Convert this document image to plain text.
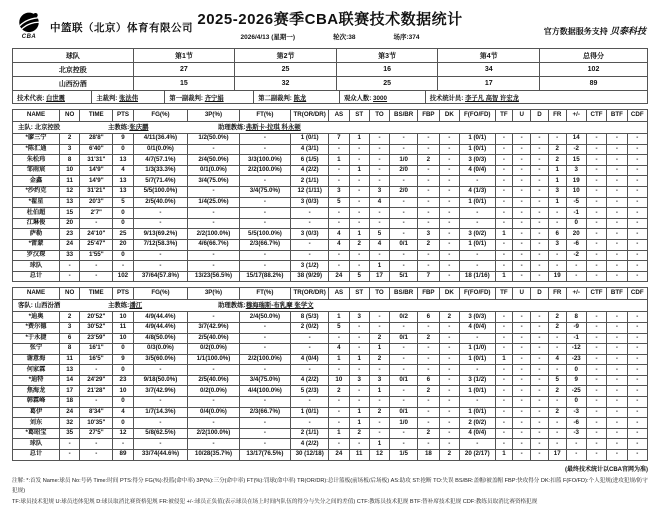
CBA
中篮联（北京）体育有限公司 2025-2026赛季CBA联赛技术数据统计
2026/4/13 (星期一)	轮次:38	场序:374
官方数据服务支持 贝泰科技
球队	第1节	第2节	第3节	第4节	总得分
北京控股	27	25	16	34	102
山西汾酒	15	32	25	17	89
技术代表: 白世震	主裁判: 张法伟	第一副裁判: 齐宁娟	第二副裁判: 陈龙	观众人数: 3000	技术统计员: 李子凡 高智 许宏龙
主队: 北京控股 主教练:张庆鹏 助理教练:弗斯卡-拉琪 科永顿																						

NAME	NO	TIME	PTS	FG(%)	3P(%)	FT(%)	TR(OR/DR)	AS	ST	TO	BS/BR	FBP	DK	F(FO/FD)	TF	U	D	FR	+/-	CTF	BTF	CDF
*廖三宁	2	28'8"	9	4/11(36.4%)	1/2(50.0%)	-	1 (0/1)	7	1	-	-	-	-	1 (0/1)	-	-	-	-	14	-	-	-
*陈汇通	3	6'40"	0	0/1(0.0%)	-	-	4 (3/1)	-	-	-	-	-	-	1 (0/1)	-	-	-	2	-2	-	-	-
朱松玮	8	31'31"	13	4/7(57.1%)	2/4(50.0%)	3/3(100.0%)	6 (1/5)	1	-	-	1/0	2	-	3 (0/3)	-	-	-	2	15	-	-	-
邹雨宸	10	14'9"	4	1/3(33.3%)	0/1(0.0%)	2/2(100.0%)	4 (2/2)	-	1	-	2/0	-	-	4 (0/4)	-	-	-	1	3	-	-	-
金鑫	11	14'9"	13	5/7(71.4%)	3/4(75.0%)	-	2 (1/1)	-	-	-	-	-	-	-	-	-	-	1	19	-	-	-
*沙约克	12	31'21"	13	5/5(100.0%)	-	3/4(75.0%)	12 (1/11)	3	-	3	2/0	-	-	4 (1/3)	-	-	-	3	10	-	-	-
*翟星	13	20'3"	5	2/5(40.0%)	1/4(25.0%)	-	3 (0/3)	5	-	4	-	-	-	1 (0/1)	-	-	-	1	-5	-	-	-
杜伯超	15	2'7"	0	-	-	-	-	-	-	-	-	-	-	-	-	-	-	-	-1	-	-	-
江琳俊	20	-	0	-	-	-	-	-	-	-	-	-	-	-	-	-	-	-	0	-	-	-
萨勒	23	24'10"	25	9/13(69.2%)	2/2(100.0%)	5/5(100.0%)	3 (0/3)	4	1	5	-	3	-	3 (0/2)	1	-	-	6	20	-	-	-
*雷蒙	24	25'47"	20	7/12(58.3%)	4/6(66.7%)	2/3(66.7%)	-	4	2	4	0/1	2	-	1 (0/1)	-	-	-	3	-6	-	-	-
罗汉琛	33	1'55"	0	-	-	-	-	-	-	-	-	-	-	-	-	-	-	-	-2	-	-	-
球队	-	-	-	-	-	-	3 (1/2)	-	-	1	-	-	-	-	-	-	-	-	-	-	-	-
总计	-	-	102	37/64(57.8%)	13/23(56.5%)	15/17(88.2%)	38 (9/29)	24	5	17	5/1	7	-	18 (1/16)	1	-	-	19	-	-	-	-
客队: 山西汾酒 主教练:潘江 助理教练:穆海瑞斯-布乳摩 张学文																						

NAME	NO	TIME	PTS	FG(%)	3P(%)	FT(%)	TR(OR/DR)	AS	ST	TO	BS/BR	FBP	DK	F(FO/FD)	TF	U	D	FR	+/-	CTF	BTF	CDF
*迪奥	2	20'52"	10	4/9(44.4%)	-	2/4(50.0%)	8 (5/3)	1	3	-	0/2	6	2	3 (0/3)	-	-	-	2	8	-	-	-
*费尔德	3	30'52"	11	4/9(44.4%)	3/7(42.9%)	-	2 (0/2)	5	-	-	-	-	-	4 (0/4)	-	-	-	2	-9	-	-	-
*于永捷	6	23'59"	10	4/8(50.0%)	2/5(40.0%)	-	-	-	-	2	0/1	2	-	-	-	-	-	-	-1	-	-	-
张宁	8	16'1"	0	0/3(0.0%)	0/2(0.0%)	-	-	4	-	1	-	-	-	1 (1/0)	-	-	-	-	-12	-	-	-
谢意海	11	16'5"	9	3/5(60.0%)	1/1(100.0%)	2/2(100.0%)	4 (0/4)	1	1	2	-	-	-	1 (0/1)	1	-	-	4	-23	-	-	-
何家霖	13	-	0	-	-	-	-	-	-	-	-	-	-	-	-	-	-	-	0	-	-	-
*迪特	14	24'29"	23	9/18(50.0%)	2/5(40.0%)	3/4(75.0%)	4 (2/2)	10	3	3	0/1	6	-	3 (1/2)	-	-	-	5	9	-	-	-
焦海龙	17	21'28"	10	3/7(42.9%)	0/2(0.0%)	4/4(100.0%)	5 (2/3)	2	-	1	-	2	-	1 (0/1)	-	-	-	2	-25	-	-	-
韩霖峰	18	-	0	-	-	-	-	-	-	-	-	-	-	-	-	-	-	-	0	-	-	-
葛伊	24	8'34"	4	1/7(14.3%)	0/4(0.0%)	2/3(66.7%)	1 (0/1)	-	1	2	0/1	-	-	1 (0/1)	-	-	-	2	-3	-	-	-
刘东	32	10'35"	0	-	-	-	-	-	1	-	1/0	-	-	2 (0/2)	-	-	-	-	-6	-	-	-
*葛昭宝	35	27'5"	12	5/8(62.5%)	2/2(100.0%)	-	2 (1/1)	1	2	-	-	2	-	4 (0/4)	-	-	-	-	-3	-	-	-
球队	-	-	-	-	-	-	4 (2/2)	-	-	1	-	-	-	-	-	-	-	-	-	-	-	-
总计	-	-	89	33/74(44.6%)	10/28(35.7%)	13/17(76.5%)	30 (12/18)	24	11	12	1/5	18	2	20 (2/17)	1	-	-	17	-	-	-	-
(最终技术统计以CBA官网为准)
注解: *:首发 Name:球员 No:号码 Time:时间 PTS:得分 FG(%):投篮(命中率) 3P(%):三分(命中率) FT(%):罚球(命中率) TR(OR/DR):总计篮板(前场板/后场板) AS:助攻 ST:抢断 TO:失误 BS/BR:盖帽/被盖帽 FBP:快攻得分 DK:扣篮 F(FO/FD):个人犯规(进攻犯规/防守犯规)
TF:球员技术犯规 U:球员违体犯规 D:球员取消比赛资格犯规 FR:被侵犯 +/-:球员正负值(表示球员在场上时间内队伍的得分与失分之间的差值) CTF:教练员技术犯规 BTF:替补席技术犯规 CDF:教练员取消比赛资格犯规
